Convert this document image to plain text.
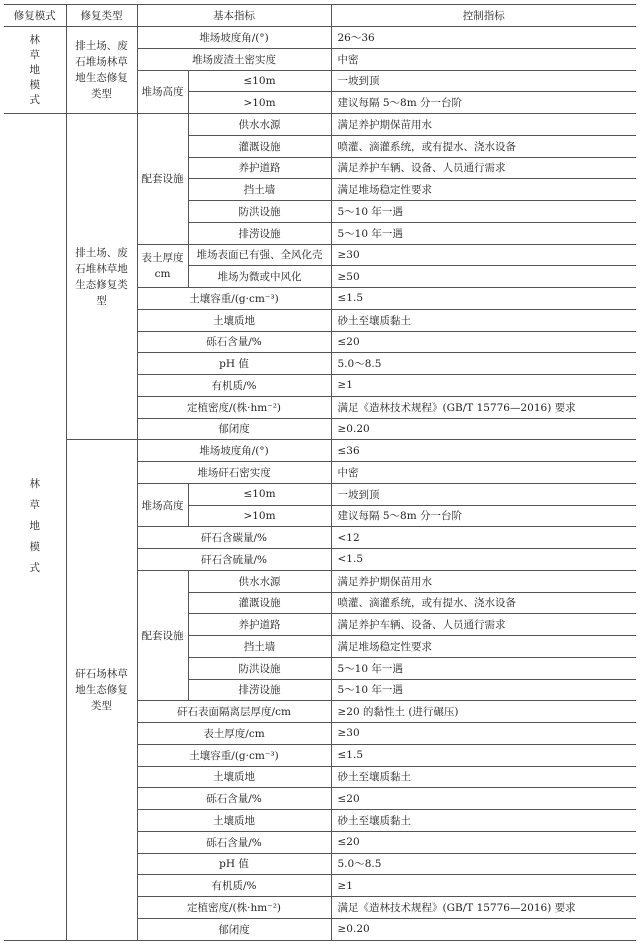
修复模式	修复类型	基本指标		控制指标
林草地模式	排土场、废石堆场林草地生态修复类型	堆场坡度角/(°)		26～36
		堆场废渣土密实度		中密
		堆场高度	≤10m	一坡到顶
			>10m	建议每隔 5～8m 分一台阶
林草地模式	排土场、废石堆林草地生态修复类型	配套设施	供水水源	满足养护期保苗用水
			灌溉设施	喷灌、滴灌系统，或有提水、浇水设备
			养护道路	满足养护车辆、设备、人员通行需求
			挡土墙	满足堆场稳定性要求
			防洪设施	5～10 年一遇
			排涝设施	5～10 年一遇
		表土厚度 cm	堆场表面已有强、全风化壳	≥30
			堆场为微或中风化	≥50
		土壤容重/(g·cm⁻³)		≤1.5
		土壤质地		砂土至壤质黏土
		砾石含量/%		≤20
		pH 值		5.0～8.5
		有机质/%		≥1
		定植密度/(株·hm⁻²)		满足《造林技术规程》(GB/T 15776—2016) 要求
		郁闭度		≥0.20
	矸石场林草地生态修复类型	堆场坡度角/(°)		≤36
		堆场矸石密实度		中密
		堆场高度	≤10m	一坡到顶
			>10m	建议每隔 5～8m 分一台阶
		矸石含碳量/%		<12
		矸石含硫量/%		<1.5
		配套设施	供水水源	满足养护期保苗用水
			灌溉设施	喷灌、滴灌系统，或有提水、浇水设备
			养护道路	满足养护车辆、设备、人员通行需求
			挡土墙	满足堆场稳定性要求
			防洪设施	5～10 年一遇
			排涝设施	5～10 年一遇
		矸石表面隔离层厚度/cm		≥20 的黏性土 (进行碾压)
		表土厚度/cm		≥30
		土壤容重/(g·cm⁻³)		≤1.5
		土壤质地		砂土至壤质黏土
		砾石含量/%		≤20
		土壤质地		砂土至壤质黏土
		砾石含量/%		≤20
		pH 值		5.0～8.5
		有机质/%		≥1
		定植密度/(株·hm⁻²)		满足《造林技术规程》(GB/T 15776—2016) 要求
		郁闭度		≥0.20
